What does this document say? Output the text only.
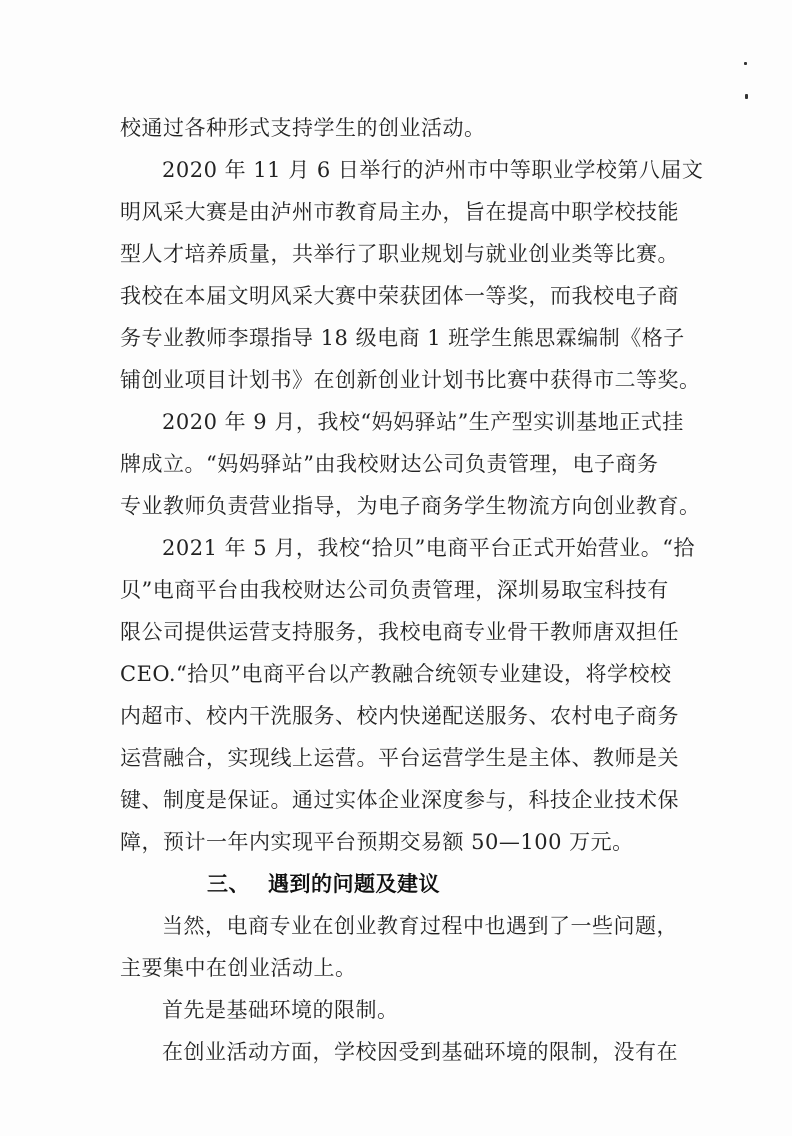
校通过各种形式支持学生的创业活动。
2020 年 11 月 6 日举行的泸州市中等职业学校第八届文
明风采大赛是由泸州市教育局主办，旨在提高中职学校技能
型人才培养质量，共举行了职业规划与就业创业类等比赛。
我校在本届文明风采大赛中荣获团体一等奖，而我校电子商
务专业教师李璟指导 18 级电商 1 班学生熊思霖编制《格子
铺创业项目计划书》在创新创业计划书比赛中获得市二等奖。
2020 年 9 月，我校“妈妈驿站”生产型实训基地正式挂
牌成立。“妈妈驿站”由我校财达公司负责管理，电子商务
专业教师负责营业指导，为电子商务学生物流方向创业教育。
2021 年 5 月，我校“拾贝”电商平台正式开始营业。“拾
贝”电商平台由我校财达公司负责管理，深圳易取宝科技有
限公司提供运营支持服务，我校电商专业骨干教师唐双担任
CEO.“拾贝”电商平台以产教融合统领专业建设，将学校校
内超市、校内干洗服务、校内快递配送服务、农村电子商务
运营融合，实现线上运营。平台运营学生是主体、教师是关
键、制度是保证。通过实体企业深度参与，科技企业技术保
障，预计一年内实现平台预期交易额 50—100 万元。
三、 遇到的问题及建议
当然，电商专业在创业教育过程中也遇到了一些问题，
主要集中在创业活动上。
首先是基础环境的限制。
在创业活动方面，学校因受到基础环境的限制，没有在
